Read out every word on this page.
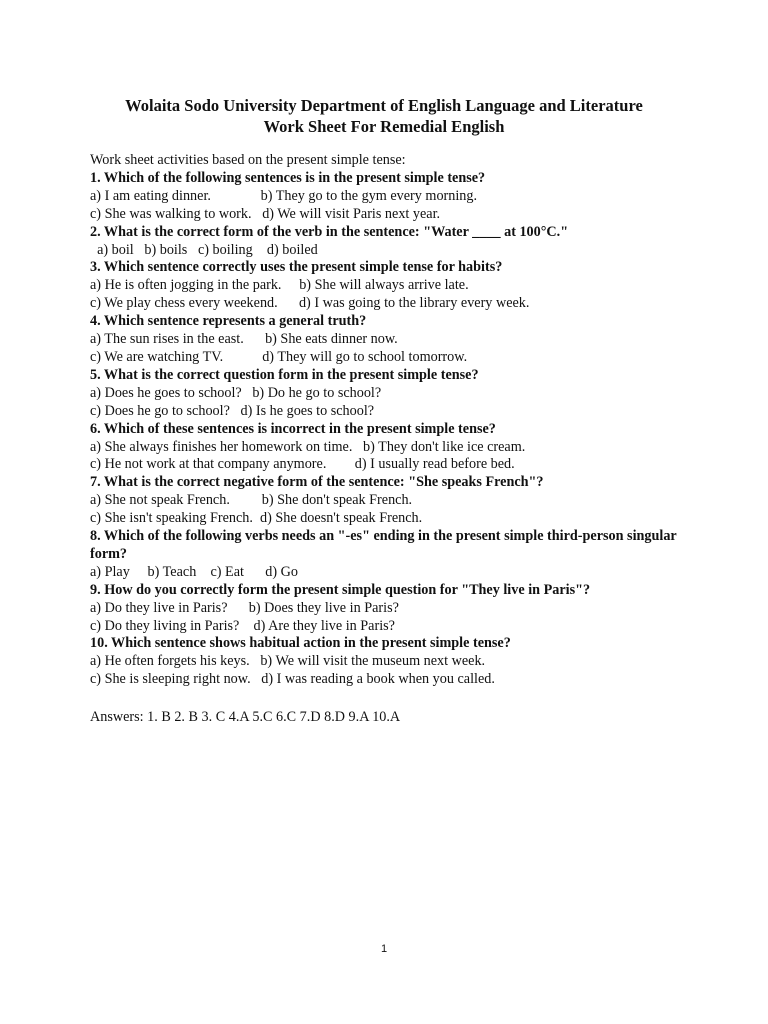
Wolaita Sodo University Department of English Language and Literature
Work Sheet For Remedial English

Work sheet activities based on the present simple tense:

1. Which of the following sentences is in the present simple tense?

a) I am eating dinner.              b) They go to the gym every morning.

c) She was walking to work.   d) We will visit Paris next year.

2. What is the correct form of the verb in the sentence: "Water ____ at 100°C."

a) boil   b) boils   c) boiling    d) boiled

3. Which sentence correctly uses the present simple tense for habits?

a) He is often jogging in the park.     b) She will always arrive late.

c) We play chess every weekend.      d) I was going to the library every week.

4. Which sentence represents a general truth?

a) The sun rises in the east.      b) She eats dinner now.

c) We are watching TV.           d) They will go to school tomorrow.

5. What is the correct question form in the present simple tense?

a) Does he goes to school?   b) Do he go to school?

c) Does he go to school?   d) Is he goes to school?

6. Which of these sentences is incorrect in the present simple tense?

a) She always finishes her homework on time.   b) They don't like ice cream.

c) He not work at that company anymore.        d) I usually read before bed.

7. What is the correct negative form of the sentence: "She speaks French"?

a) She not speak French.         b) She don't speak French.

c) She isn't speaking French.  d) She doesn't speak French.

8. Which of the following verbs needs an "-es" ending in the present simple third-person singular form?

a) Play     b) Teach    c) Eat      d) Go

9. How do you correctly form the present simple question for "They live in Paris"?

a) Do they live in Paris?      b) Does they live in Paris?

c) Do they living in Paris?    d) Are they live in Paris?

10. Which sentence shows habitual action in the present simple tense?

a) He often forgets his keys.   b) We will visit the museum next week.

c) She is sleeping right now.   d) I was reading a book when you called.

Answers: 1. B 2. B 3. C 4.A 5.C 6.C 7.D 8.D 9.A 10.A

1
